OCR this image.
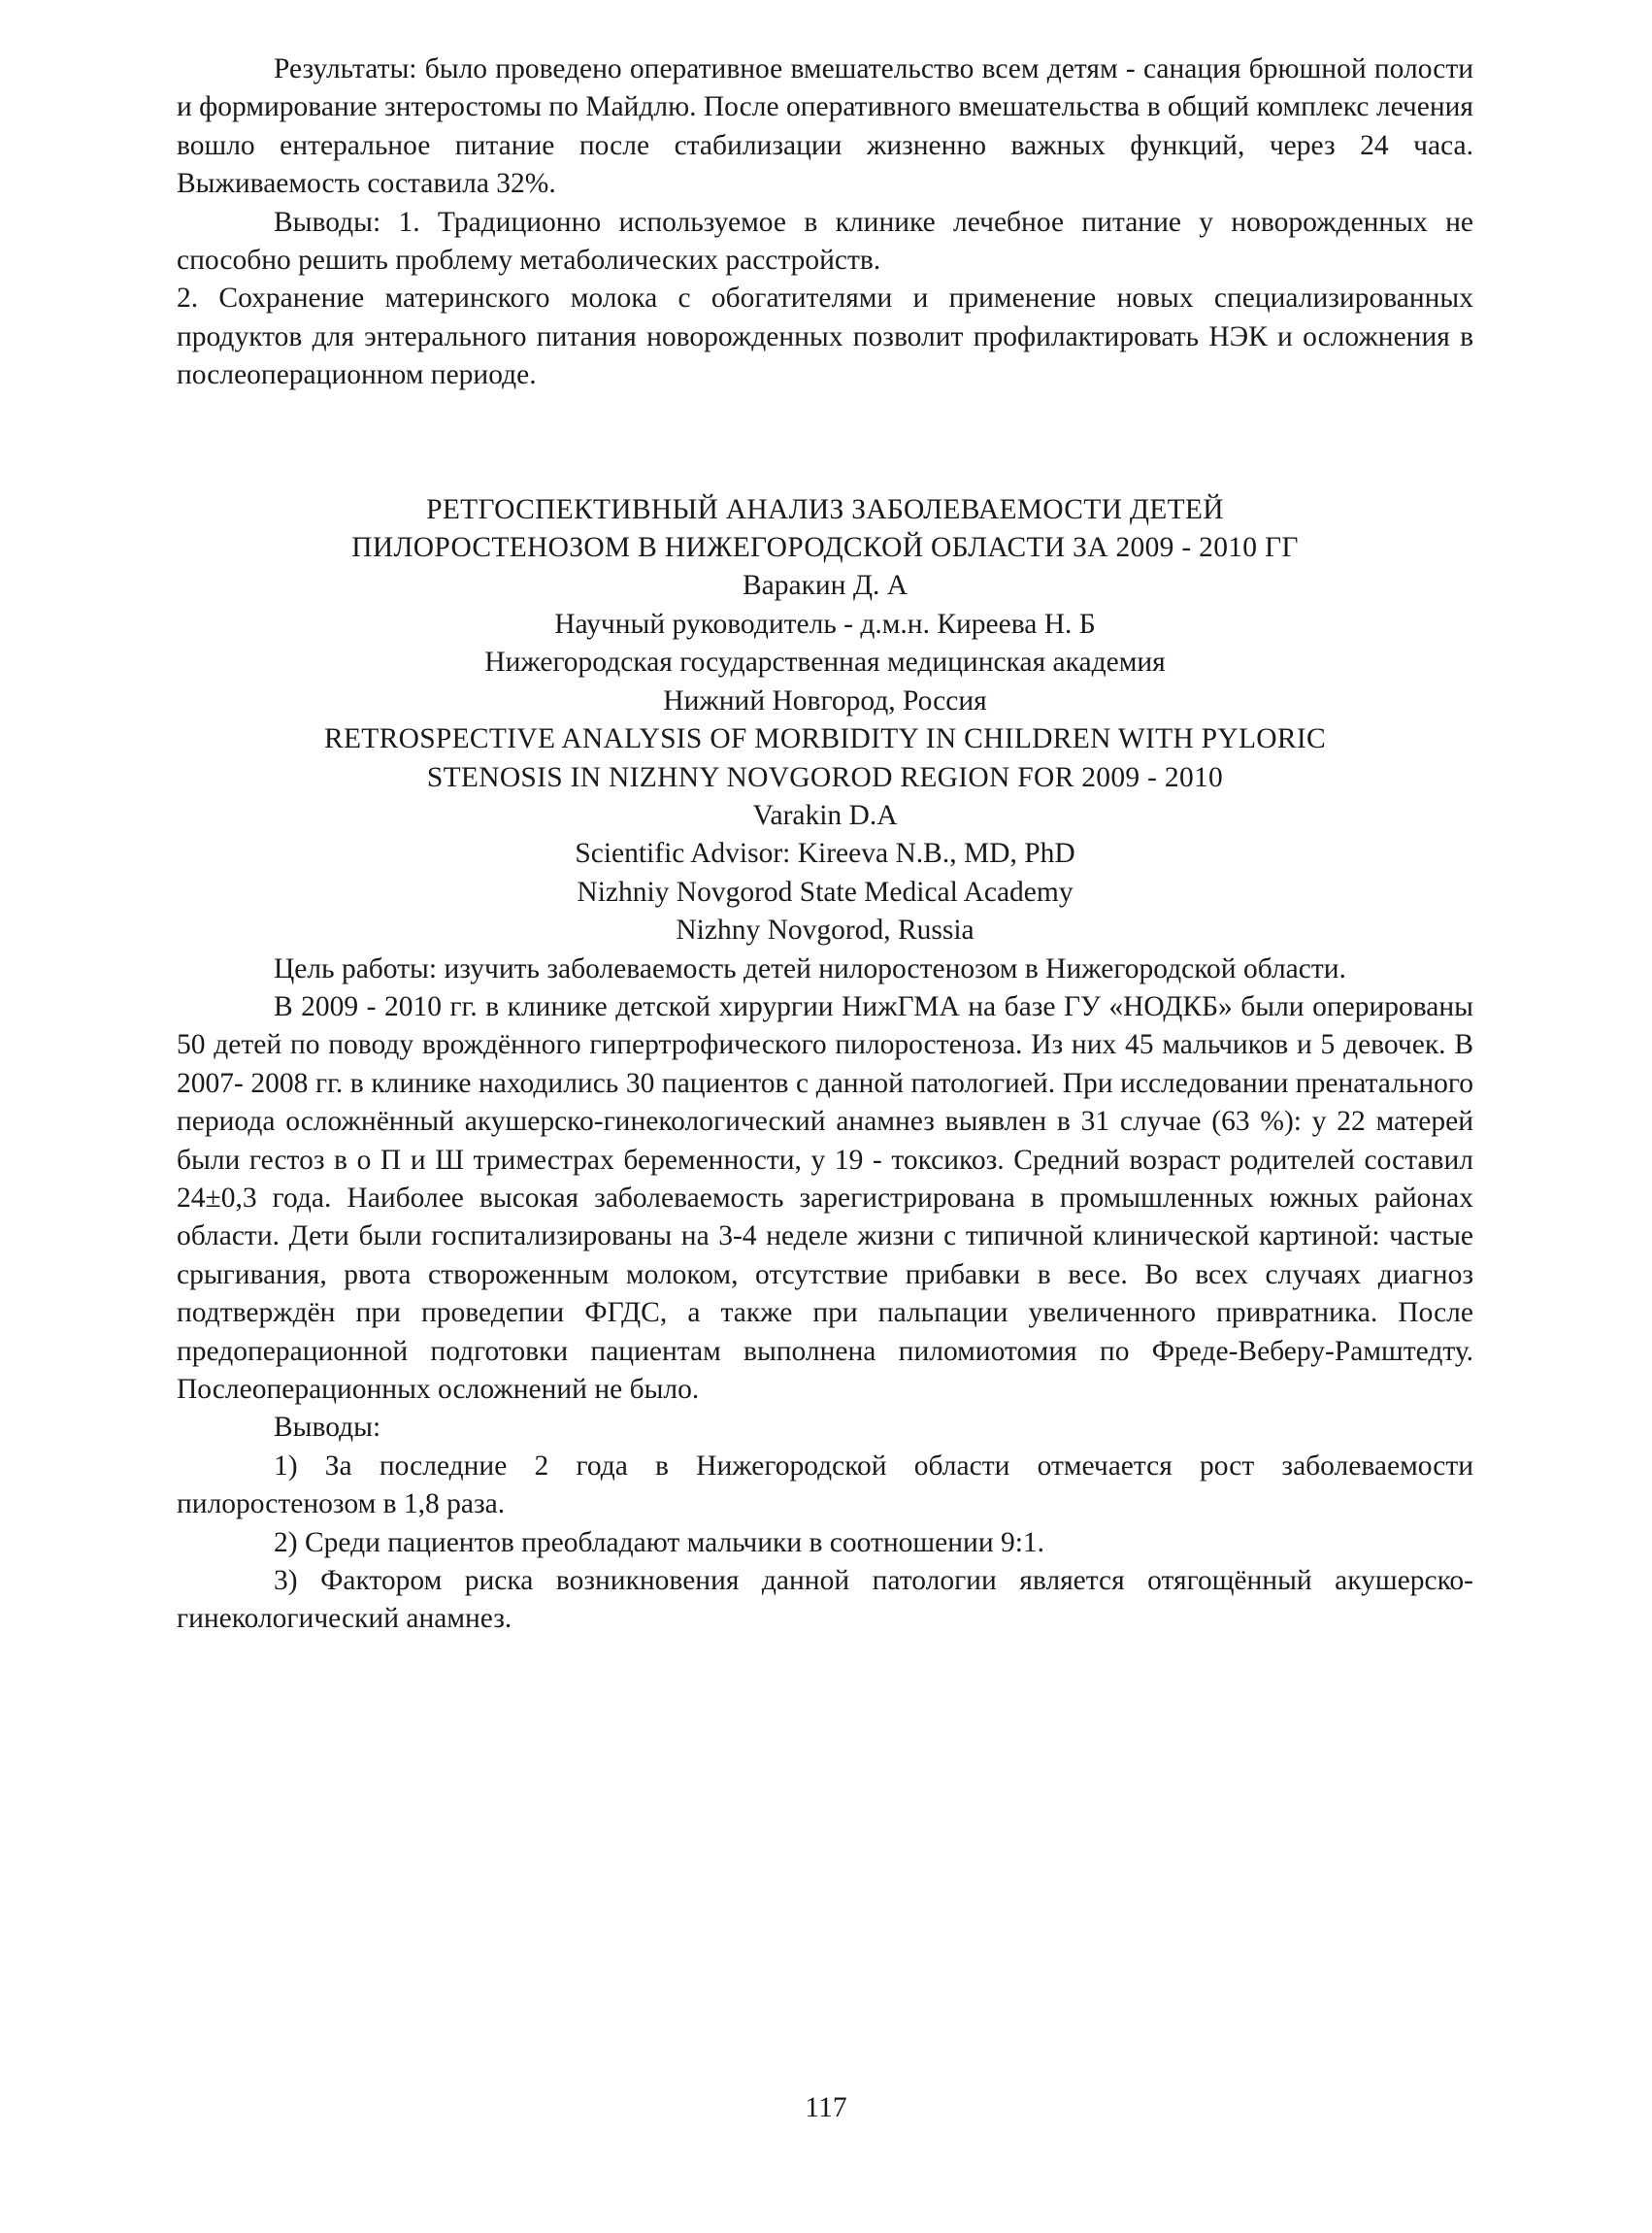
Результаты: было проведено оперативное вмешательство всем детям - санация брюшной полости и формирование знтеростомы по Майдлю. После оперативного вмешательства в общий комплекс лечения вошло ентеральное питание после стабилизации жизненно важных функций, через 24 часа. Выживаемость составила 32%.

Выводы: 1. Традиционно используемое в клинике лечебное питание у новорожденных не способно решить проблему метаболических расстройств.

2. Сохранение материнского молока с обогатителями и применение новых специализированных продуктов для энтерального питания новорожденных позволит профилактировать НЭК и осложнения в послеоперационном периоде.

РЕТГОСПЕКТИВНЫЙ АНАЛИЗ ЗАБОЛЕВАЕМОСТИ ДЕТЕЙ

ПИЛОРОСТЕНОЗОМ В НИЖЕГОРОДСКОЙ ОБЛАСТИ ЗА 2009 - 2010 ГГ

Варакин Д. А

Научный руководитель - д.м.н. Киреева Н. Б

Нижегородская государственная медицинская академия

Нижний Новгород, Россия

RETROSPECTIVE ANALYSIS OF MORBIDITY IN CHILDREN WITH PYLORIC

STENOSIS IN NIZHNY NOVGOROD REGION FOR 2009 - 2010

Varakin D.A

Scientific Advisor: Kireeva N.B., MD, PhD

Nizhniy Novgorod State Medical Academy

Nizhny Novgorod, Russia

Цель работы: изучить заболеваемость детей нилоростенозом в Нижегородской области.

В 2009 - 2010 гг. в клинике детской хирургии НижГМА на базе ГУ «НОДКБ» были оперированы 50 детей по поводу врождённого гипертрофического пилоростеноза. Из них 45 мальчиков и 5 девочек. В 2007- 2008 гг. в клинике находились 30 пациентов с данной патологией. При исследовании пренатального периода осложнённый акушерско-гинекологический анамнез выявлен в 31 случае (63 %): у 22 матерей были гестоз в о П и Ш триместрах беременности, у 19 - токсикоз. Средний возраст родителей составил 24±0,3 года. Наиболее высокая заболеваемость зарегистрирована в промышленных южных районах области. Дети были госпитализированы на 3-4 неделе жизни с типичной клинической картиной: частые срыгивания, рвота створоженным молоком, отсутствие прибавки в весе. Во всех случаях диагноз подтверждён при проведепии ФГДС, а также при пальпации увеличенного привратника. После предоперационной подготовки пациентам выполнена пиломиотомия по Фреде-Веберу-Рамштедту. Послеоперационных осложнений не было.

Выводы:

1) За последние 2 года в Нижегородской области отмечается рост заболеваемости пилоростенозом в 1,8 раза.

2) Среди пациентов преобладают мальчики в соотношении 9:1.

3) Фактором риска возникновения данной патологии является отягощённый акушерско-гинекологический анамнез.

117
